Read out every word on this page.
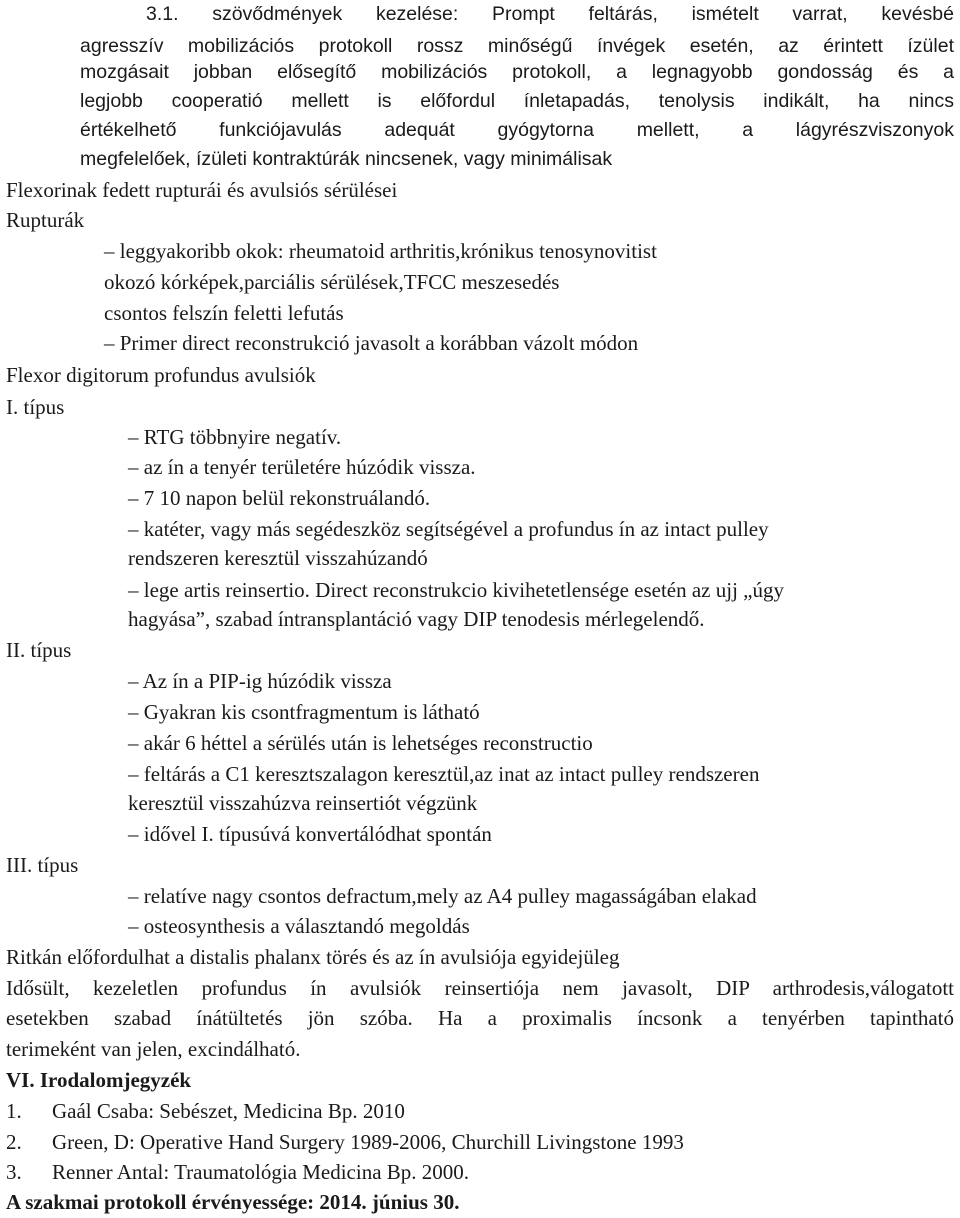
3.1. szövődmények kezelése: Prompt feltárás, ismételt varrat, kevésbé
agresszív mobilizációs protokoll rossz minőségű ínvégek esetén, az érintett ízület
mozgásait jobban elősegítő mobilizációs protokoll, a legnagyobb gondosság és a
legjobb cooperatió mellett is előfordul ínletapadás, tenolysis indikált, ha nincs
értékelhető funkciójavulás adequát gyógytorna mellett, a lágyrészviszonyok
megfelelőek, ízületi kontraktúrák nincsenek, vagy minimálisak
Flexorinak fedett rupturái és avulsiós sérülései
Rupturák
– leggyakoribb okok: rheumatoid arthritis,krónikus tenosynovitist
okozó kórképek,parciális sérülések,TFCC meszesedés
csontos felszín feletti lefutás
– Primer direct reconstrukció javasolt a korábban vázolt módon
Flexor digitorum profundus avulsiók
I. típus
– RTG többnyire negatív.
– az ín a tenyér területére húzódik vissza.
– 7 10 napon belül rekonstruálandó.
– katéter, vagy más segédeszköz segítségével a profundus ín az intact pulley
rendszeren keresztül visszahúzandó
– lege artis reinsertio. Direct reconstrukcio kivihetetlensége esetén az ujj „úgy
hagyása”, szabad íntransplantáció vagy DIP tenodesis mérlegelendő.
II. típus
– Az ín a PIP-ig húzódik vissza
– Gyakran kis csontfragmentum is látható
– akár 6 héttel a sérülés után is lehetséges reconstructio
– feltárás a C1 keresztszalagon keresztül,az inat az intact pulley rendszeren
keresztül visszahúzva reinsertiót végzünk
– idővel I. típusúvá konvertálódhat spontán
III. típus
– relatíve nagy csontos defractum,mely az A4 pulley magasságában elakad
– osteosynthesis a választandó megoldás
Ritkán előfordulhat a distalis phalanx törés és az ín avulsiója egyidejüleg
Idősült, kezeletlen profundus ín avulsiók reinsertiója nem javasolt, DIP arthrodesis,válogatott
esetekben szabad ínátültetés jön szóba. Ha a proximalis íncsonk a tenyérben tapintható
terimeként van jelen, excindálható.
VI. Irodalomjegyzék
1. Gaál Csaba: Sebészet, Medicina Bp. 2010
2. Green, D: Operative Hand Surgery 1989-2006, Churchill Livingstone 1993
3. Renner Antal: Traumatológia Medicina Bp. 2000.
A szakmai protokoll érvényessége: 2014. június 30.
